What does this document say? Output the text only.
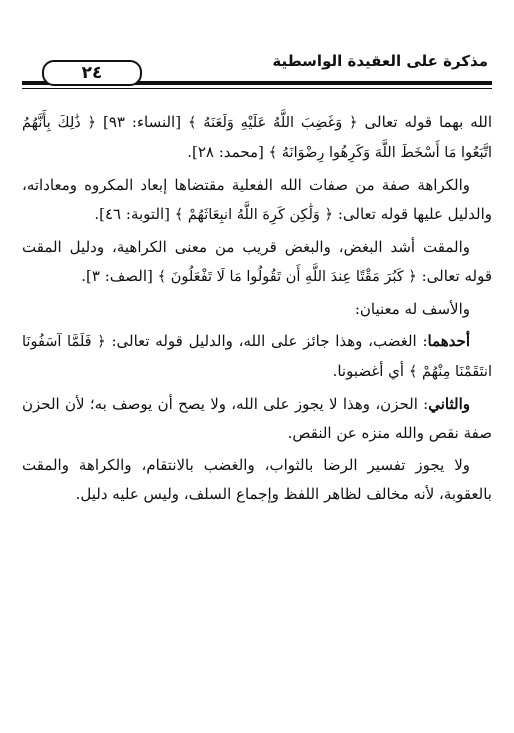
مذكرة على العقيدة الواسطية
٢٤

الله بهما قوله تعالى ﴿ وَغَضِبَ اللَّهُ عَلَيْهِ وَلَعَنَهُ ﴾ [النساء: ٩٣] ﴿ ذَٰلِكَ بِأَنَّهُمُ اتَّبَعُوا مَا أَسْخَطَ اللَّهَ وَكَرِهُوا رِضْوَانَهُ ﴾ [محمد: ٢٨].

والكراهة صفة من صفات الله الفعلية مقتضاها إبعاد المكروه ومعاداته، والدليل عليها قوله تعالى: ﴿ وَلَٰكِن كَرِهَ اللَّهُ انبِعَاثَهُمْ ﴾ [التوبة: ٤٦].

والمقت أشد البغض، والبغض قريب من معنى الكراهية، ودليل المقت قوله تعالى: ﴿ كَبُرَ مَقْتًا عِندَ اللَّهِ أَن تَقُولُوا مَا لَا تَفْعَلُونَ ﴾ [الصف: ٣].

والأسف له معنيان:

أحدهما: الغضب، وهذا جائز على الله، والدليل قوله تعالى: ﴿ فَلَمَّا آسَفُونَا انتَقَمْنَا مِنْهُمْ ﴾ أي أغضبونا.

والثاني: الحزن، وهذا لا يجوز على الله، ولا يصح أن يوصف به؛ لأن الحزن صفة نقص والله منزه عن النقص.

ولا يجوز تفسير الرضا بالثواب، والغضب بالانتقام، والكراهة والمقت بالعقوبة، لأنه مخالف لظاهر اللفظ وإجماع السلف، وليس عليه دليل.
